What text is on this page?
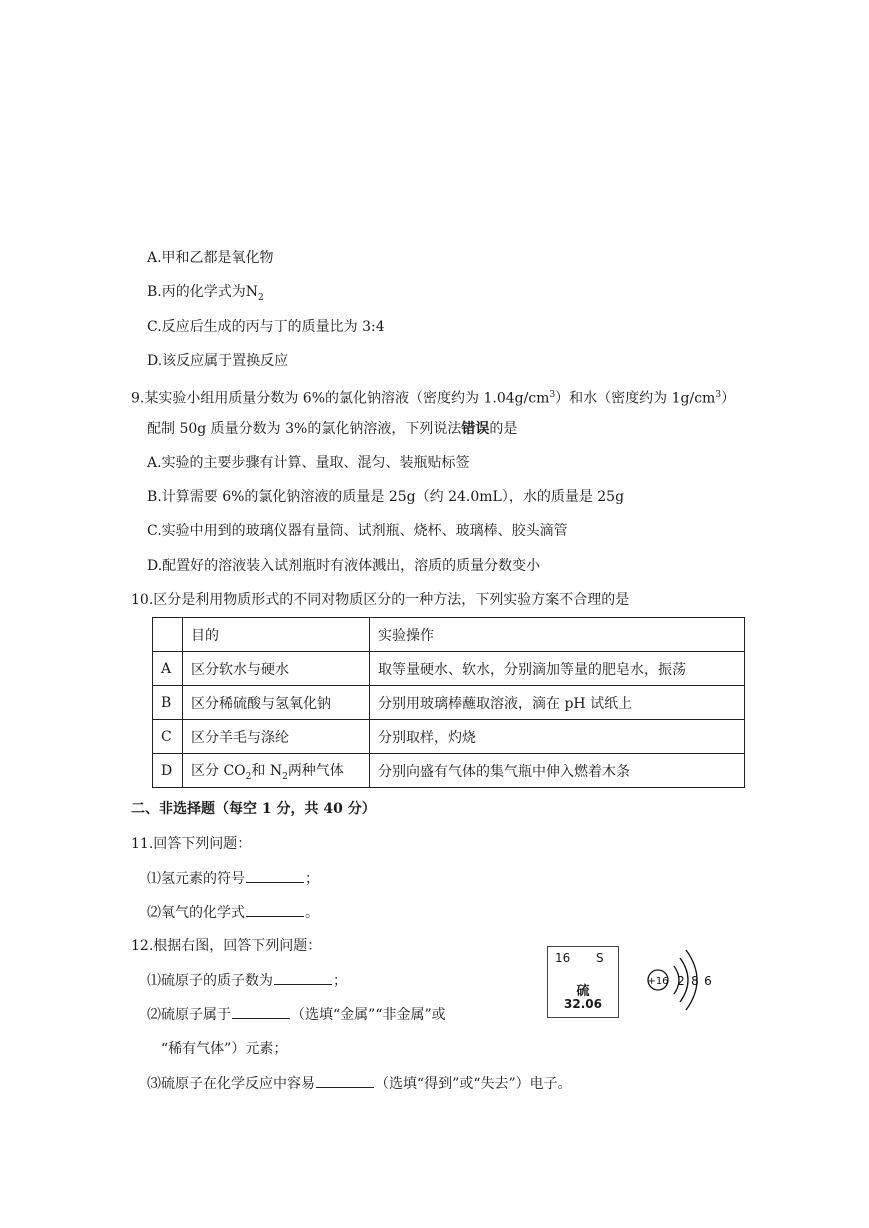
A.甲和乙都是氧化物
B.丙的化学式为$N_2$
C.反应后生成的丙与丁的质量比为 3:4
D.该反应属于置换反应
9.某实验小组用质量分数为 6%的氯化钠溶液（密度约为 $1.04g/cm^3$）和水（密度约为 $1g/cm^3$）
配制 50g 质量分数为 3%的氯化钠溶液，下列说法错误的是
A.实验的主要步骤有计算、量取、混匀、装瓶贴标签
B.计算需要 6%的氯化钠溶液的质量是 25g（约 24.0mL），水的质量是 25g
C.实验中用到的玻璃仪器有量筒、试剂瓶、烧杯、玻璃棒、胶头滴管
D.配置好的溶液装入试剂瓶时有液体溅出，溶质的质量分数变小
10.区分是利用物质形式的不同对物质区分的一种方法，下列实验方案不合理的是
	目的	实验操作
A	区分软水与硬水	取等量硬水、软水，分别滴加等量的肥皂水，振荡
B	区分稀硫酸与氢氧化钠	分别用玻璃棒蘸取溶液，滴在 pH 试纸上
C	区分羊毛与涤纶	分别取样，灼烧
D	区分 $CO_2$和 $N_2$两种气体	分别向盛有气体的集气瓶中伸入燃着木条
二、非选择题（每空 1 分，共 40 分）
11.回答下列问题：
⑴氢元素的符号	；
⑵氧气的化学式	。
12.根据右图，回答下列问题：
⑴硫原子的质子数为	；
⑵硫原子属于	（选填“金属”“非金属”或
“稀有气体”）元素；
⑶硫原子在化学反应中容易	（选填“得到”或“失去”）电子。
16 S
硫
32.06
+16 2 8 6
